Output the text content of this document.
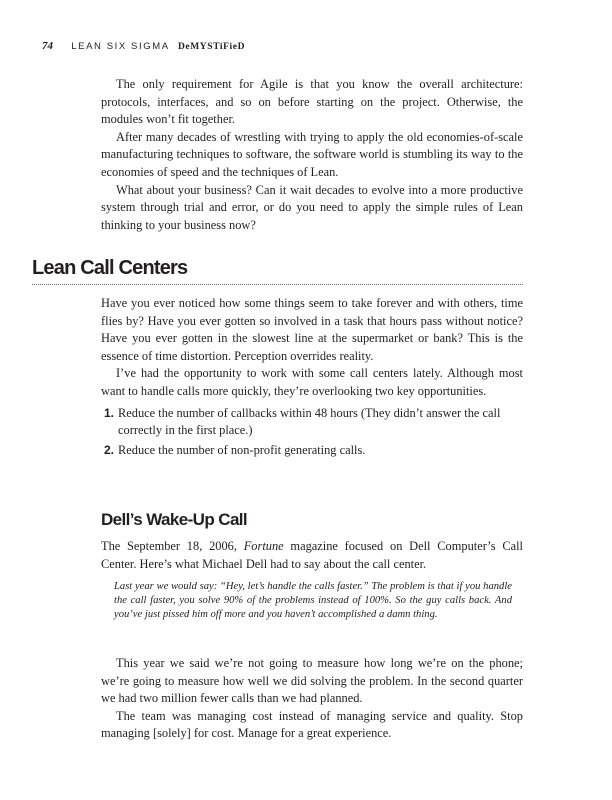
74 LEAN SIX SIGMA DeMYSTiFieD

The only requirement for Agile is that you know the overall architecture: protocols, interfaces, and so on before starting on the project. Otherwise, the modules won’t fit together.

After many decades of wrestling with trying to apply the old economies-of-scale manufacturing techniques to software, the software world is stumbling its way to the economies of speed and the techniques of Lean.

What about your business? Can it wait decades to evolve into a more productive system through trial and error, or do you need to apply the simple rules of Lean thinking to your business now?

Lean Call Centers

Have you ever noticed how some things seem to take forever and with others, time flies by? Have you ever gotten so involved in a task that hours pass without notice? Have you ever gotten in the slowest line at the supermarket or bank? This is the essence of time distortion. Perception overrides reality.

I’ve had the opportunity to work with some call centers lately. Although most want to handle calls more quickly, they’re overlooking two key opportunities.

1. Reduce the number of callbacks within 48 hours (They didn’t answer the call correctly in the first place.)
2. Reduce the number of non-profit generating calls.
Dell’s Wake-Up Call

The September 18, 2006, Fortune magazine focused on Dell Computer’s Call Center. Here’s what Michael Dell had to say about the call center.

Last year we would say: “Hey, let’s handle the calls faster.” The problem is that if you handle the call faster, you solve 90% of the problems instead of 100%. So the guy calls back. And you’ve just pissed him off more and you haven’t accomplished a damn thing.

This year we said we’re not going to measure how long we’re on the phone; we’re going to measure how well we did solving the problem. In the second quarter we had two million fewer calls than we had planned.

The team was managing cost instead of managing service and quality. Stop managing [solely] for cost. Manage for a great experience.
